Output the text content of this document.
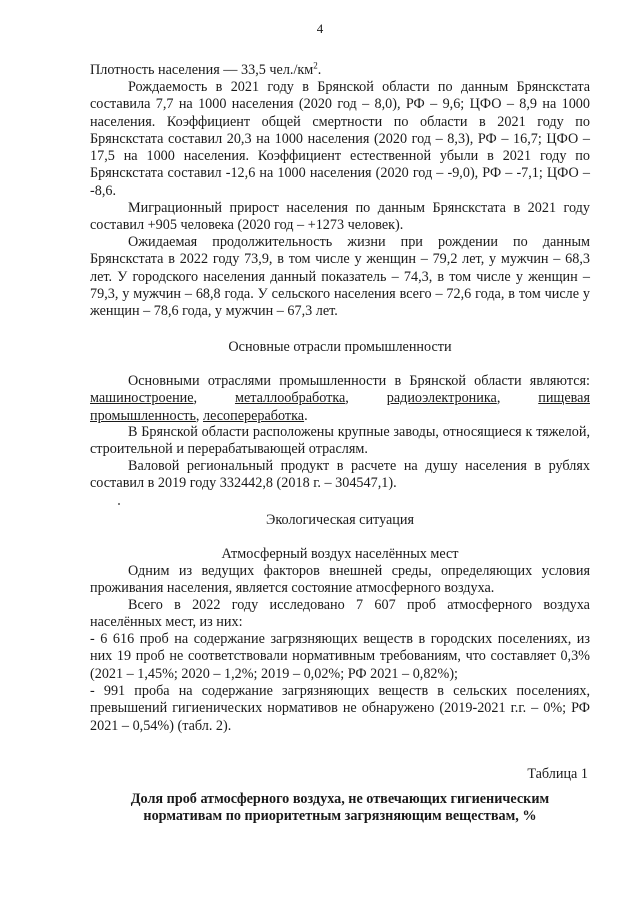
4
Плотность населения — 33,5 $чел./км^2$.
Рождаемость в 2021 году в Брянской области по данным Брянскстата составила 7,7 на 1000 населения (2020 год – 8,0), РФ – 9,6; ЦФО – 8,9 на 1000 населения. Коэффициент общей смертности по области в 2021 году по Брянскстата составил 20,3 на 1000 населения (2020 год – 8,3), РФ – 16,7; ЦФО – 17,5 на 1000 населения. Коэффициент естественной убыли в 2021 году по Брянскстата составил -12,6 на 1000 населения (2020 год – -9,0), РФ – -7,1; ЦФО – -8,6.
Миграционный прирост населения по данным Брянскстата в 2021 году составил +905 человека (2020 год – +1273 человек).
Ожидаемая продолжительность жизни при рождении по данным Брянскстата в 2022 году 73,9, в том числе у женщин – 79,2 лет, у мужчин – 68,3 лет. У городского населения данный показатель – 74,3, в том числе у женщин – 79,3, у мужчин – 68,8 года. У сельского населения всего – 72,6 года, в том числе у женщин – 78,6 года, у мужчин – 67,3 лет.
Основные отрасли промышленности
Основными отраслями промышленности в Брянской области являются: машиностроение, металлообработка, радиоэлектроника, пищевая промышленность, лесопереработка.
В Брянской области расположены крупные заводы, относящиеся к тяжелой, строительной и перерабатывающей отраслям.
Валовой региональный продукт в расчете на душу населения в рублях составил в 2019 году 332442,8 (2018 г. – 304547,1).
Экологическая ситуация
Атмосферный воздух населённых мест
Одним из ведущих факторов внешней среды, определяющих условия проживания населения, является состояние атмосферного воздуха.
Всего в 2022 году исследовано 7 607 проб атмосферного воздуха населённых мест, из них:
- 6 616 проб на содержание загрязняющих веществ в городских поселениях, из них 19 проб не соответствовали нормативным требованиям, что составляет 0,3% (2021 – 1,45%; 2020 – 1,2%; 2019 – 0,02%; РФ 2021 – 0,82%);
- 991 проба на содержание загрязняющих веществ в сельских поселениях, превышений гигиенических нормативов не обнаружено (2019-2021 г.г. – 0%; РФ 2021 – 0,54%) (табл. 2).
Таблица 1
Доля проб атмосферного воздуха, не отвечающих гигиеническим
нормативам по приоритетным загрязняющим веществам, %
